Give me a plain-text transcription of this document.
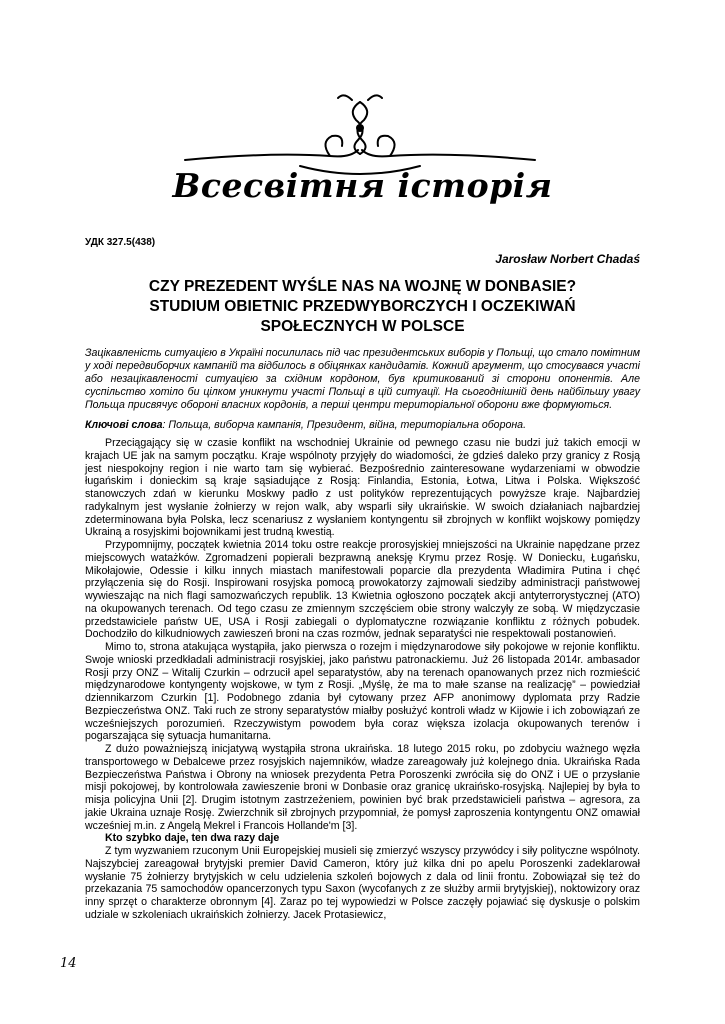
Всесвітня історія
УДК 327.5(438)
Jarosław Norbert Chadaś
CZY PREZEDENT WYŚLE NAS NA WOJNĘ W DONBASIE?
STUDIUM OBIETNIC PRZEDWYBORCZYCH I OCZEKIWAŃ
SPOŁECZNYCH W POLSCE
Зацікавленість ситуацією в Україні посилилась під час президентських виборів у Польщі, що стало помітним у ході передвиборчих кампаній та відбилось в обіцянках кандидатів. Кожний аргумент, що стосувався участі або незацікавленості ситуацією за східним кордоном, був критикований зі сторони опонентів. Але суспільство хотіло би цілком уникнути участі Польщі в цій ситуації. На сьогоднішній день найбільшу увагу Польща присвячує обороні власних кордонів, а перші центри територіальної оборони вже формуються.
Ключові слова: Польща, виборча кампанія, Президент, війна, територіальна оборона.

Przeciągający się w czasie konflikt na wschodniej Ukrainie od pewnego czasu nie budzi już takich emocji w krajach UE jak na samym początku. Kraje wspólnoty przyjęły do wiadomości, że gdzieś daleko przy granicy z Rosją jest niespokojny region i nie warto tam się wybierać. Bezpośrednio zainteresowane wydarzeniami w obwodzie ługańskim i donieckim są kraje sąsiadujące z Rosją: Finlandia, Estonia, Łotwa, Litwa i Polska. Większość stanowczych zdań w kierunku Moskwy padło z ust polityków reprezentujących powyższe kraje. Najbardziej radykalnym jest wysłanie żołnierzy w rejon walk, aby wsparli siły ukraińskie. W swoich działaniach najbardziej zdeterminowana była Polska, lecz scenariusz z wysłaniem kontyngentu sił zbrojnych w konflikt wojskowy pomiędzy Ukrainą a rosyjskimi bojownikami jest trudną kwestią.

Przypomnijmy, początek kwietnia 2014 toku ostre reakcje prorosyjskiej mniejszości na Ukrainie napędzane przez miejscowych watażków. Zgromadzeni popierali bezprawną aneksję Krymu przez Rosję. W Doniecku, Ługańsku, Mikołajowie, Odessie i kilku innych miastach manifestowali poparcie dla prezydenta Władimira Putina i chęć przyłączenia się do Rosji. Inspirowani rosyjska pomocą prowokatorzy zajmowali siedziby administracji państwowej wywieszając na nich flagi samozwańczych republik. 13 Kwietnia ogłoszono początek akcji antyterrorystycznej (ATO) na okupowanych terenach. Od tego czasu ze zmiennym szczęściem obie strony walczyły ze sobą. W międzyczasie przedstawiciele państw UE, USA i Rosji zabiegali o dyplomatyczne rozwiązanie konfliktu z różnych pobudek. Dochodziło do kilkudniowych zawieszeń broni na czas rozmów, jednak separatyści nie respektowali postanowień.

Mimo to, strona atakująca wystąpiła, jako pierwsza o rozejm i międzynarodowe siły pokojowe w rejonie konfliktu. Swoje wnioski przedkładali administracji rosyjskiej, jako państwu patronackiemu. Już 26 listopada 2014r. ambasador Rosji przy ONZ – Witalij Czurkin – odrzucił apel separatystów, aby na terenach opanowanych przez nich rozmieścić międzynarodowe kontyngenty wojskowe, w tym z Rosji. „Myślę, że ma to małe szanse na realizację” – powiedział dziennikarzom Czurkin [1]. Podobnego zdania był cytowany przez AFP anonimowy dyplomata przy Radzie Bezpieczeństwa ONZ. Taki ruch ze strony separatystów miałby posłużyć kontroli władz w Kijowie i ich zobowiązań ze wcześniejszych porozumień. Rzeczywistym powodem była coraz większa izolacja okupowanych terenów i pogarszająca się sytuacja humanitarna.

Z dużo poważniejszą inicjatywą wystąpiła strona ukraińska. 18 lutego 2015 roku, po zdobyciu ważnego węzła transportowego w Debalcewe przez rosyjskich najemników, władze zareagowały już kolejnego dnia. Ukraińska Rada Bezpieczeństwa Państwa i Obrony na wniosek prezydenta Petra Poroszenki zwróciła się do ONZ i UE o przysłanie misji pokojowej, by kontrolowała zawieszenie broni w Donbasie oraz granicę ukraińsko-rosyjską. Najlepiej by była to misja policyjna Unii [2]. Drugim istotnym zastrzeżeniem, powinien być brak przedstawicieli państwa – agresora, za jakie Ukraina uznaje Rosję. Zwierzchnik sił zbrojnych przypomniał, że pomysł zaproszenia kontyngentu ONZ omawiał wcześniej m.in. z Angelą Mekrel i Francois Hollande'm [3].

Kto szybko daje, ten dwa razy daje

Z tym wyzwaniem rzuconym Unii Europejskiej musieli się zmierzyć wszyscy przywódcy i siły polityczne wspólnoty. Najszybciej zareagował brytyjski premier David Cameron, który już kilka dni po apelu Poroszenki zadeklarował wysłanie 75 żołnierzy brytyjskich w celu udzielenia szkoleń bojowych z dala od linii frontu. Zobowiązał się też do przekazania 75 samochodów opancerzonych typu Saxon (wycofanych z ze służby armii brytyjskiej), noktowizory oraz inny sprzęt o charakterze obronnym [4]. Zaraz po tej wypowiedzi w Polsce zaczęły pojawiać się dyskusje o polskim udziale w szkoleniach ukraińskich żołnierzy. Jacek Protasiewicz,

14
